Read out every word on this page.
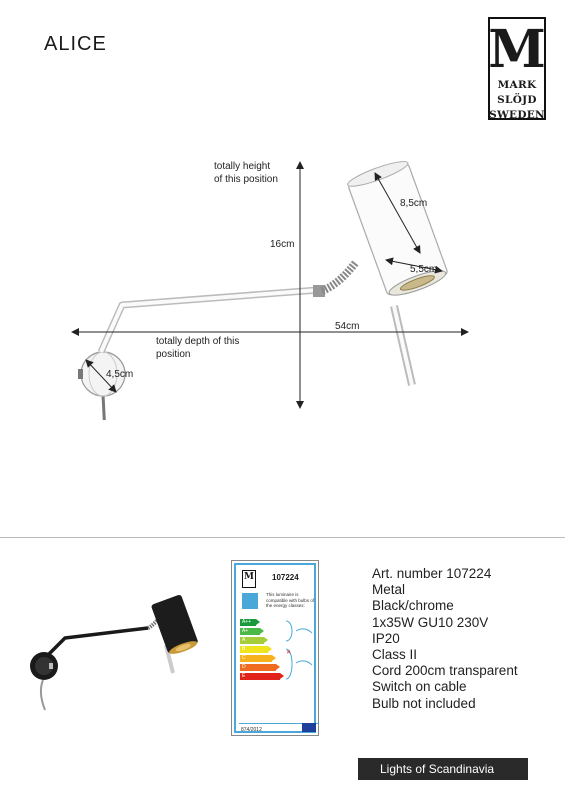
ALICE	M
MARK
SLÖJD
SWEDEN
totally height
of this position
16cm
totally depth of this
position
54cm
8,5cm
5,5cm
4,5cm
M 107224
This luminaire is compatible with bulbs of the energy classes:
A++
A+
A
B
C
D
E
✕
874/2012
Art. number 107224
Metal
Black/chrome
1x35W GU10 230V
IP20
Class II
Cord 200cm transparent
Switch on cable
Bulb not included
Lights of Scandinavia
